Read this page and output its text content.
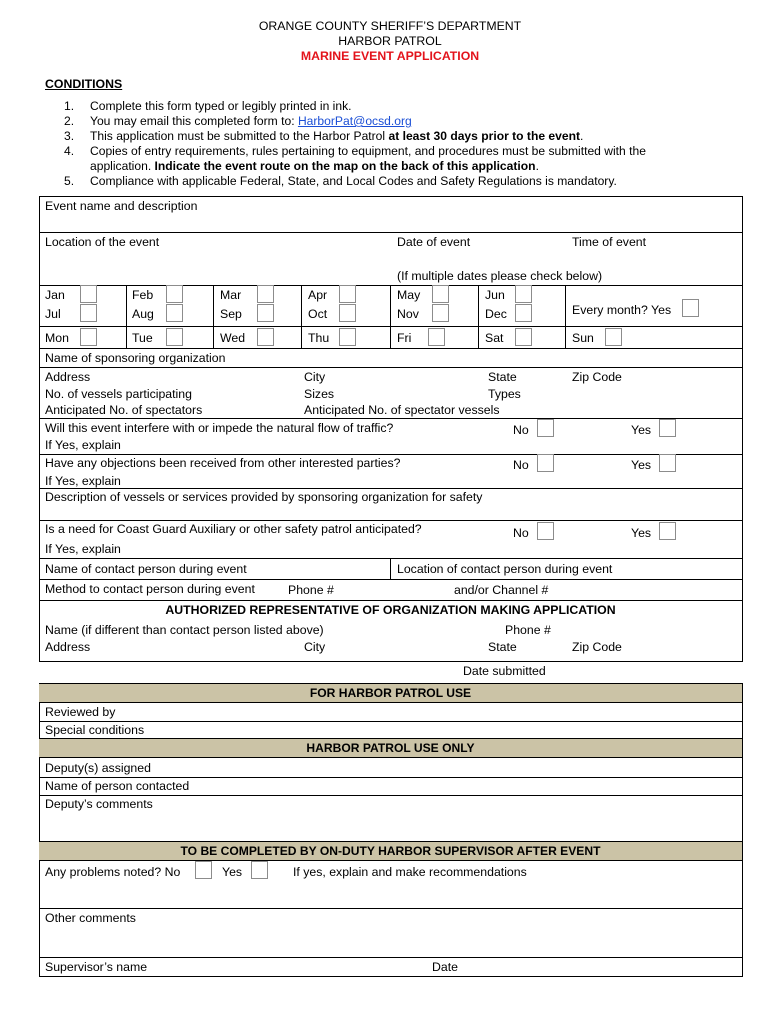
ORANGE COUNTY SHERIFF’S DEPARTMENT
HARBOR PATROL
MARINE EVENT APPLICATION
CONDITIONS
1. Complete this form typed or legibly printed in ink.
2. You may email this completed form to: HarborPat@ocsd.org
3. This application must be submitted to the Harbor Patrol at least 30 days prior to the event.
4. Copies of entry requirements, rules pertaining to equipment, and procedures must be submitted with the
application. Indicate the event route on the map on the back of this application.
5. Compliance with applicable Federal, State, and Local Codes and Safety Regulations is mandatory.
Event name and description
Location of the event	Date of event	Time of event
(If multiple dates please check below)
Jan	Feb	Mar	Apr	May	Jun
Jul	Aug	Sep	Oct	Nov	Dec	Every month? Yes
Mon	Tue	Wed	Thu	Fri	Sat	Sun
Name of sponsoring organization
Address	City	State	Zip Code
No. of vessels participating	Sizes	Types
Anticipated No. of spectators	Anticipated No. of spectator vessels
Will this event interfere with or impede the natural flow of traffic?	No	Yes
If Yes, explain
Have any objections been received from other interested parties?	No	Yes
If Yes, explain
Description of vessels or services provided by sponsoring organization for safety
Is a need for Coast Guard Auxiliary or other safety patrol anticipated?	No	Yes
If Yes, explain
Name of contact person during event	Location of contact person during event
Method to contact person during event	Phone #	and/or Channel #
AUTHORIZED REPRESENTATIVE OF ORGANIZATION MAKING APPLICATION
Name (if different than contact person listed above)	Phone #
Address	City	State	Zip Code
Date submitted
FOR HARBOR PATROL USE
Reviewed by
Special conditions
HARBOR PATROL USE ONLY
Deputy(s) assigned
Name of person contacted
Deputy’s comments
TO BE COMPLETED BY ON-DUTY HARBOR SUPERVISOR AFTER EVENT
Any problems noted? No	Yes	If yes, explain and make recommendations
Other comments
Supervisor’s name	Date
